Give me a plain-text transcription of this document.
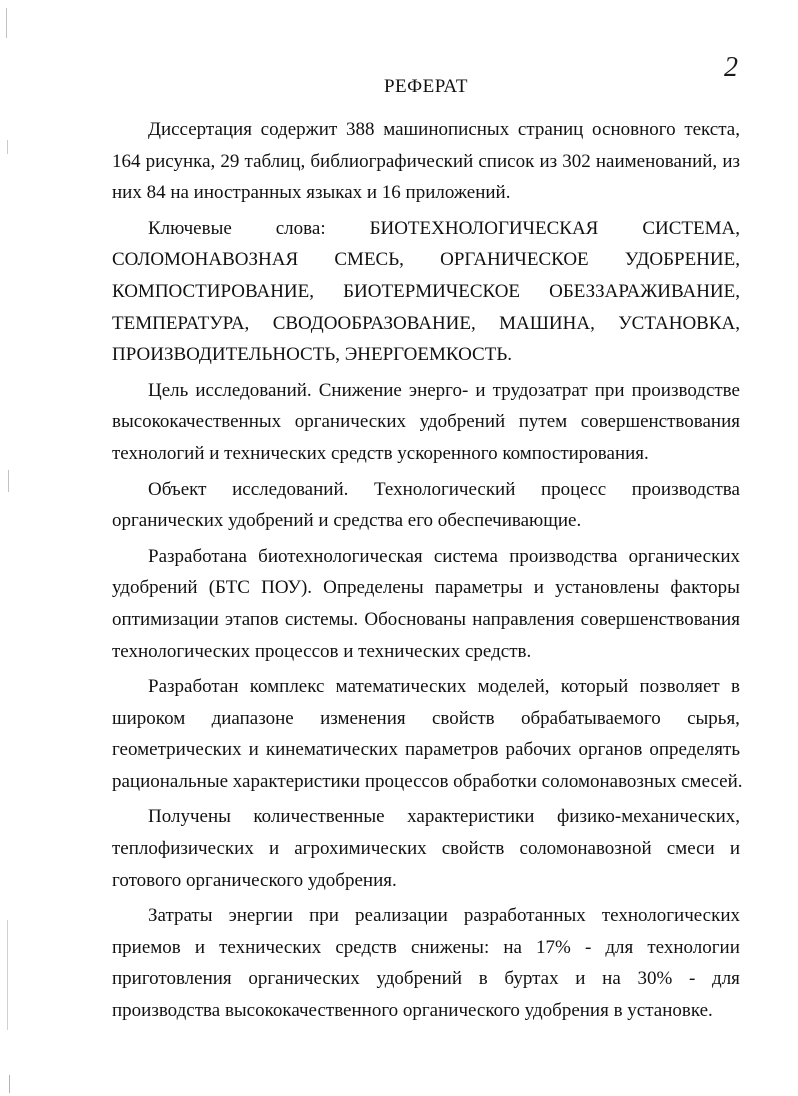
2
РЕФЕРАТ
Диссертация содержит 388 машинописных страниц основного текста,
164 рисунка, 29 таблиц, библиографический список из 302 наименований, из
них 84 на иностранных языках и 16 приложений.
Ключевые слова: БИОТЕХНОЛОГИЧЕСКАЯ СИСТЕМА,
СОЛОМОНАВОЗНАЯ СМЕСЬ, ОРГАНИЧЕСКОЕ УДОБРЕНИЕ,
КОМПОСТИРОВАНИЕ, БИОТЕРМИЧЕСКОЕ ОБЕЗЗАРАЖИВАНИЕ,
ТЕМПЕРАТУРА, СВОДООБРАЗОВАНИЕ, МАШИНА, УСТАНОВКА,
ПРОИЗВОДИТЕЛЬНОСТЬ, ЭНЕРГОЕМКОСТЬ.
Цель исследований. Снижение энерго- и трудозатрат при производстве
высококачественных органических удобрений путем совершенствования
технологий и технических средств ускоренного компостирования.
Объект исследований. Технологический процесс производства
органических удобрений и средства его обеспечивающие.
Разработана биотехнологическая система производства органических
удобрений (БТС ПОУ). Определены параметры и установлены факторы
оптимизации этапов системы. Обоснованы направления совершенствования
технологических процессов и технических средств.
Разработан комплекс математических моделей, который позволяет в
широком диапазоне изменения свойств обрабатываемого сырья,
геометрических и кинематических параметров рабочих органов определять
рациональные характеристики процессов обработки соломонавозных смесей.
Получены количественные характеристики физико-механических,
теплофизических и агрохимических свойств соломонавозной смеси и
готового органического удобрения.
Затраты энергии при реализации разработанных технологических
приемов и технических средств снижены: на 17% - для технологии
приготовления органических удобрений в буртах и на 30% - для
производства высококачественного органического удобрения в установке.
